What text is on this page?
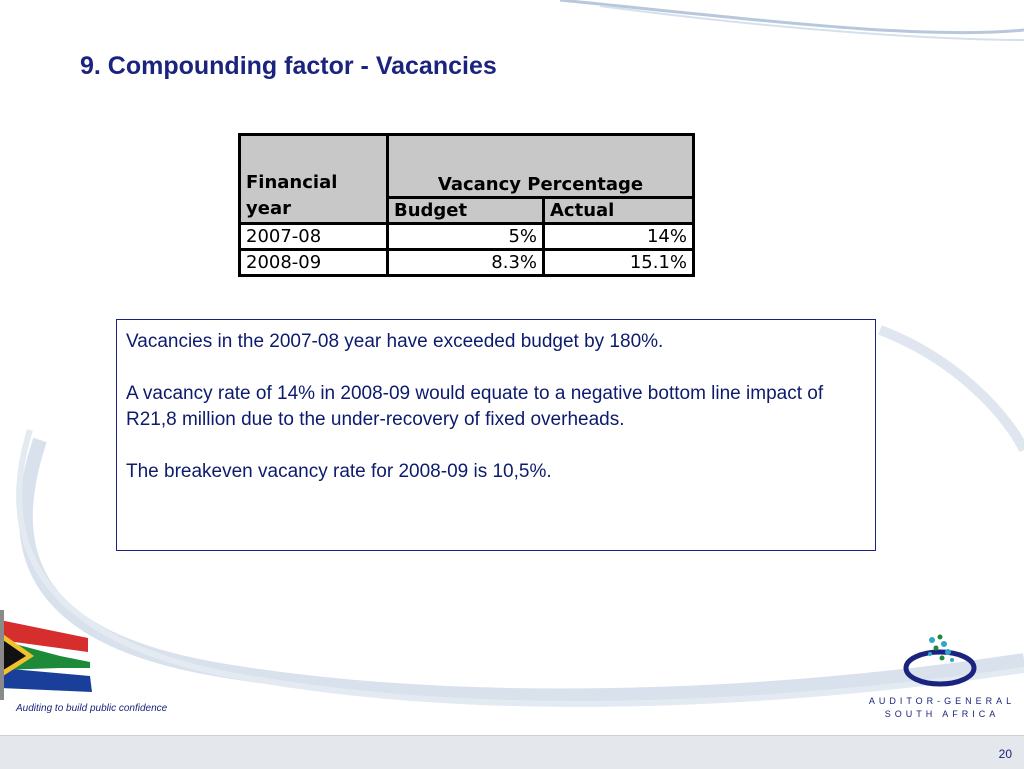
9. Compounding factor - Vacancies
Financial year	Vacancy Percentage	
	Budget	Actual
2007-08	5%	14%
2008-09	8.3%	15.1%

Vacancies in the 2007-08 year have exceeded budget by 180%.

A vacancy rate of 14% in 2008-09 would equate to a negative bottom line impact of R21,8 million due to the under-recovery of fixed overheads.

The breakeven vacancy rate for 2008-09 is 10,5%.

Auditing to build public confidence
AUDITOR-GENERAL
SOUTH AFRICA
20
